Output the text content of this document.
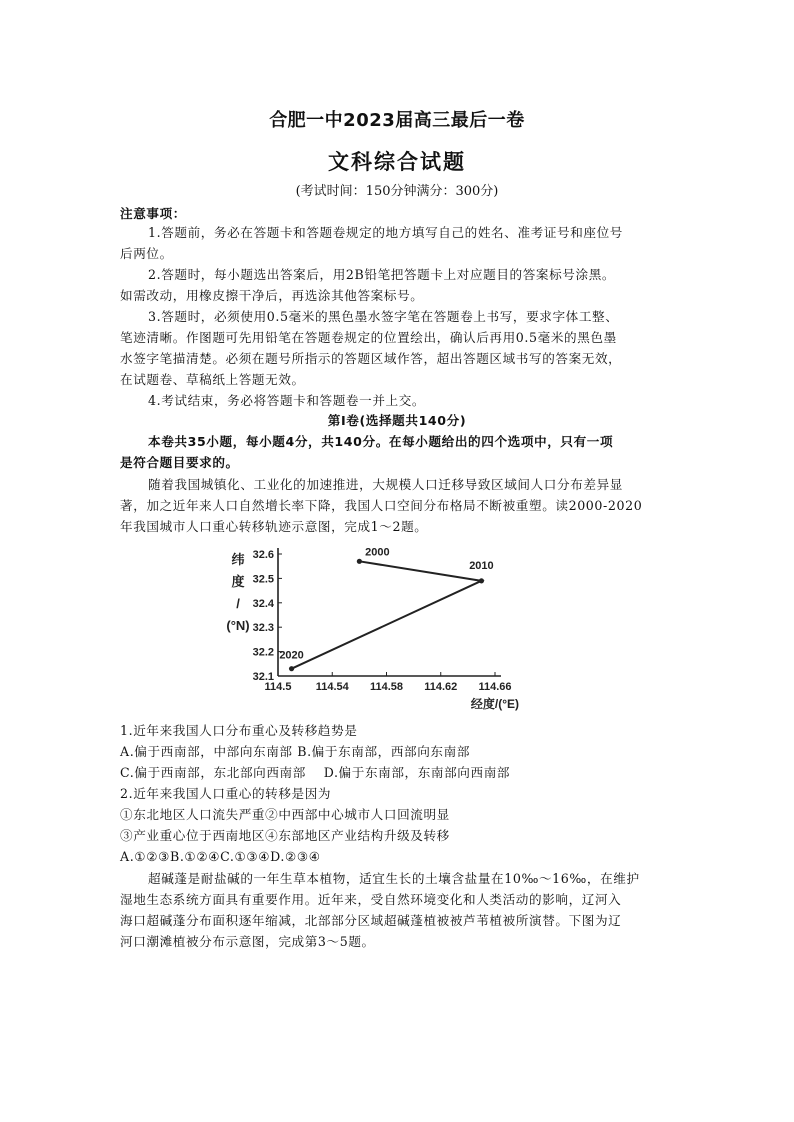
合肥一中2023届高三最后一卷
文科综合试题
(考试时间：150分钟满分：300分)
注意事项：
1.答题前，务必在答题卡和答题卷规定的地方填写自己的姓名、准考证号和座位号
后两位。
2.答题时，每小题选出答案后，用2B铅笔把答题卡上对应题目的答案标号涂黑。
如需改动，用橡皮擦干净后，再选涂其他答案标号。
3.答题时，必须使用0.5毫米的黑色墨水签字笔在答题卷上书写，要求字体工整、
笔迹清晰。作图题可先用铅笔在答题卷规定的位置绘出，确认后再用0.5毫米的黑色墨
水签字笔描清楚。必须在题号所指示的答题区域作答，超出答题区域书写的答案无效，
在试题卷、草稿纸上答题无效。
4.考试结束，务必将答题卡和答题卷一并上交。
第Ⅰ卷(选择题共140分)
本卷共35小题，每小题4分，共140分。在每小题给出的四个选项中，只有一项
是符合题目要求的。
随着我国城镇化、工业化的加速推进，大规模人口迁移导致区域间人口分布差异显
著，加之近年来人口自然增长率下降，我国人口空间分布格局不断被重塑。读2000-2020
年我国城市人口重心转移轨迹示意图，完成1～2题。
32.1
32.2
32.3
32.4
32.5
32.6
114.5 114.54 114.58 114.62 114.66
纬
度
/
(°N)
经度/(°E)
2000
2010
2020
1.近年来我国人口分布重心及转移趋势是
A.偏于西南部，中部向东南部 B.偏于东南部，西部向东南部
C.偏于西南部，东北部向西南部　 D.偏于东南部，东南部向西南部
2.近年来我国人口重心的转移是因为
①东北地区人口流失严重②中西部中心城市人口回流明显
③产业重心位于西南地区④东部地区产业结构升级及转移
A.①②③B.①②④C.①③④D.②③④
超碱蓬是耐盐碱的一年生草本植物，适宜生长的土壤含盐量在10‰～16‰，在维护
湿地生态系统方面具有重要作用。近年来，受自然环境变化和人类活动的影响，辽河入
海口超碱蓬分布面积逐年缩减，北部部分区域超碱蓬植被被芦苇植被所演替。下图为辽
河口潮滩植被分布示意图，完成第3～5题。
